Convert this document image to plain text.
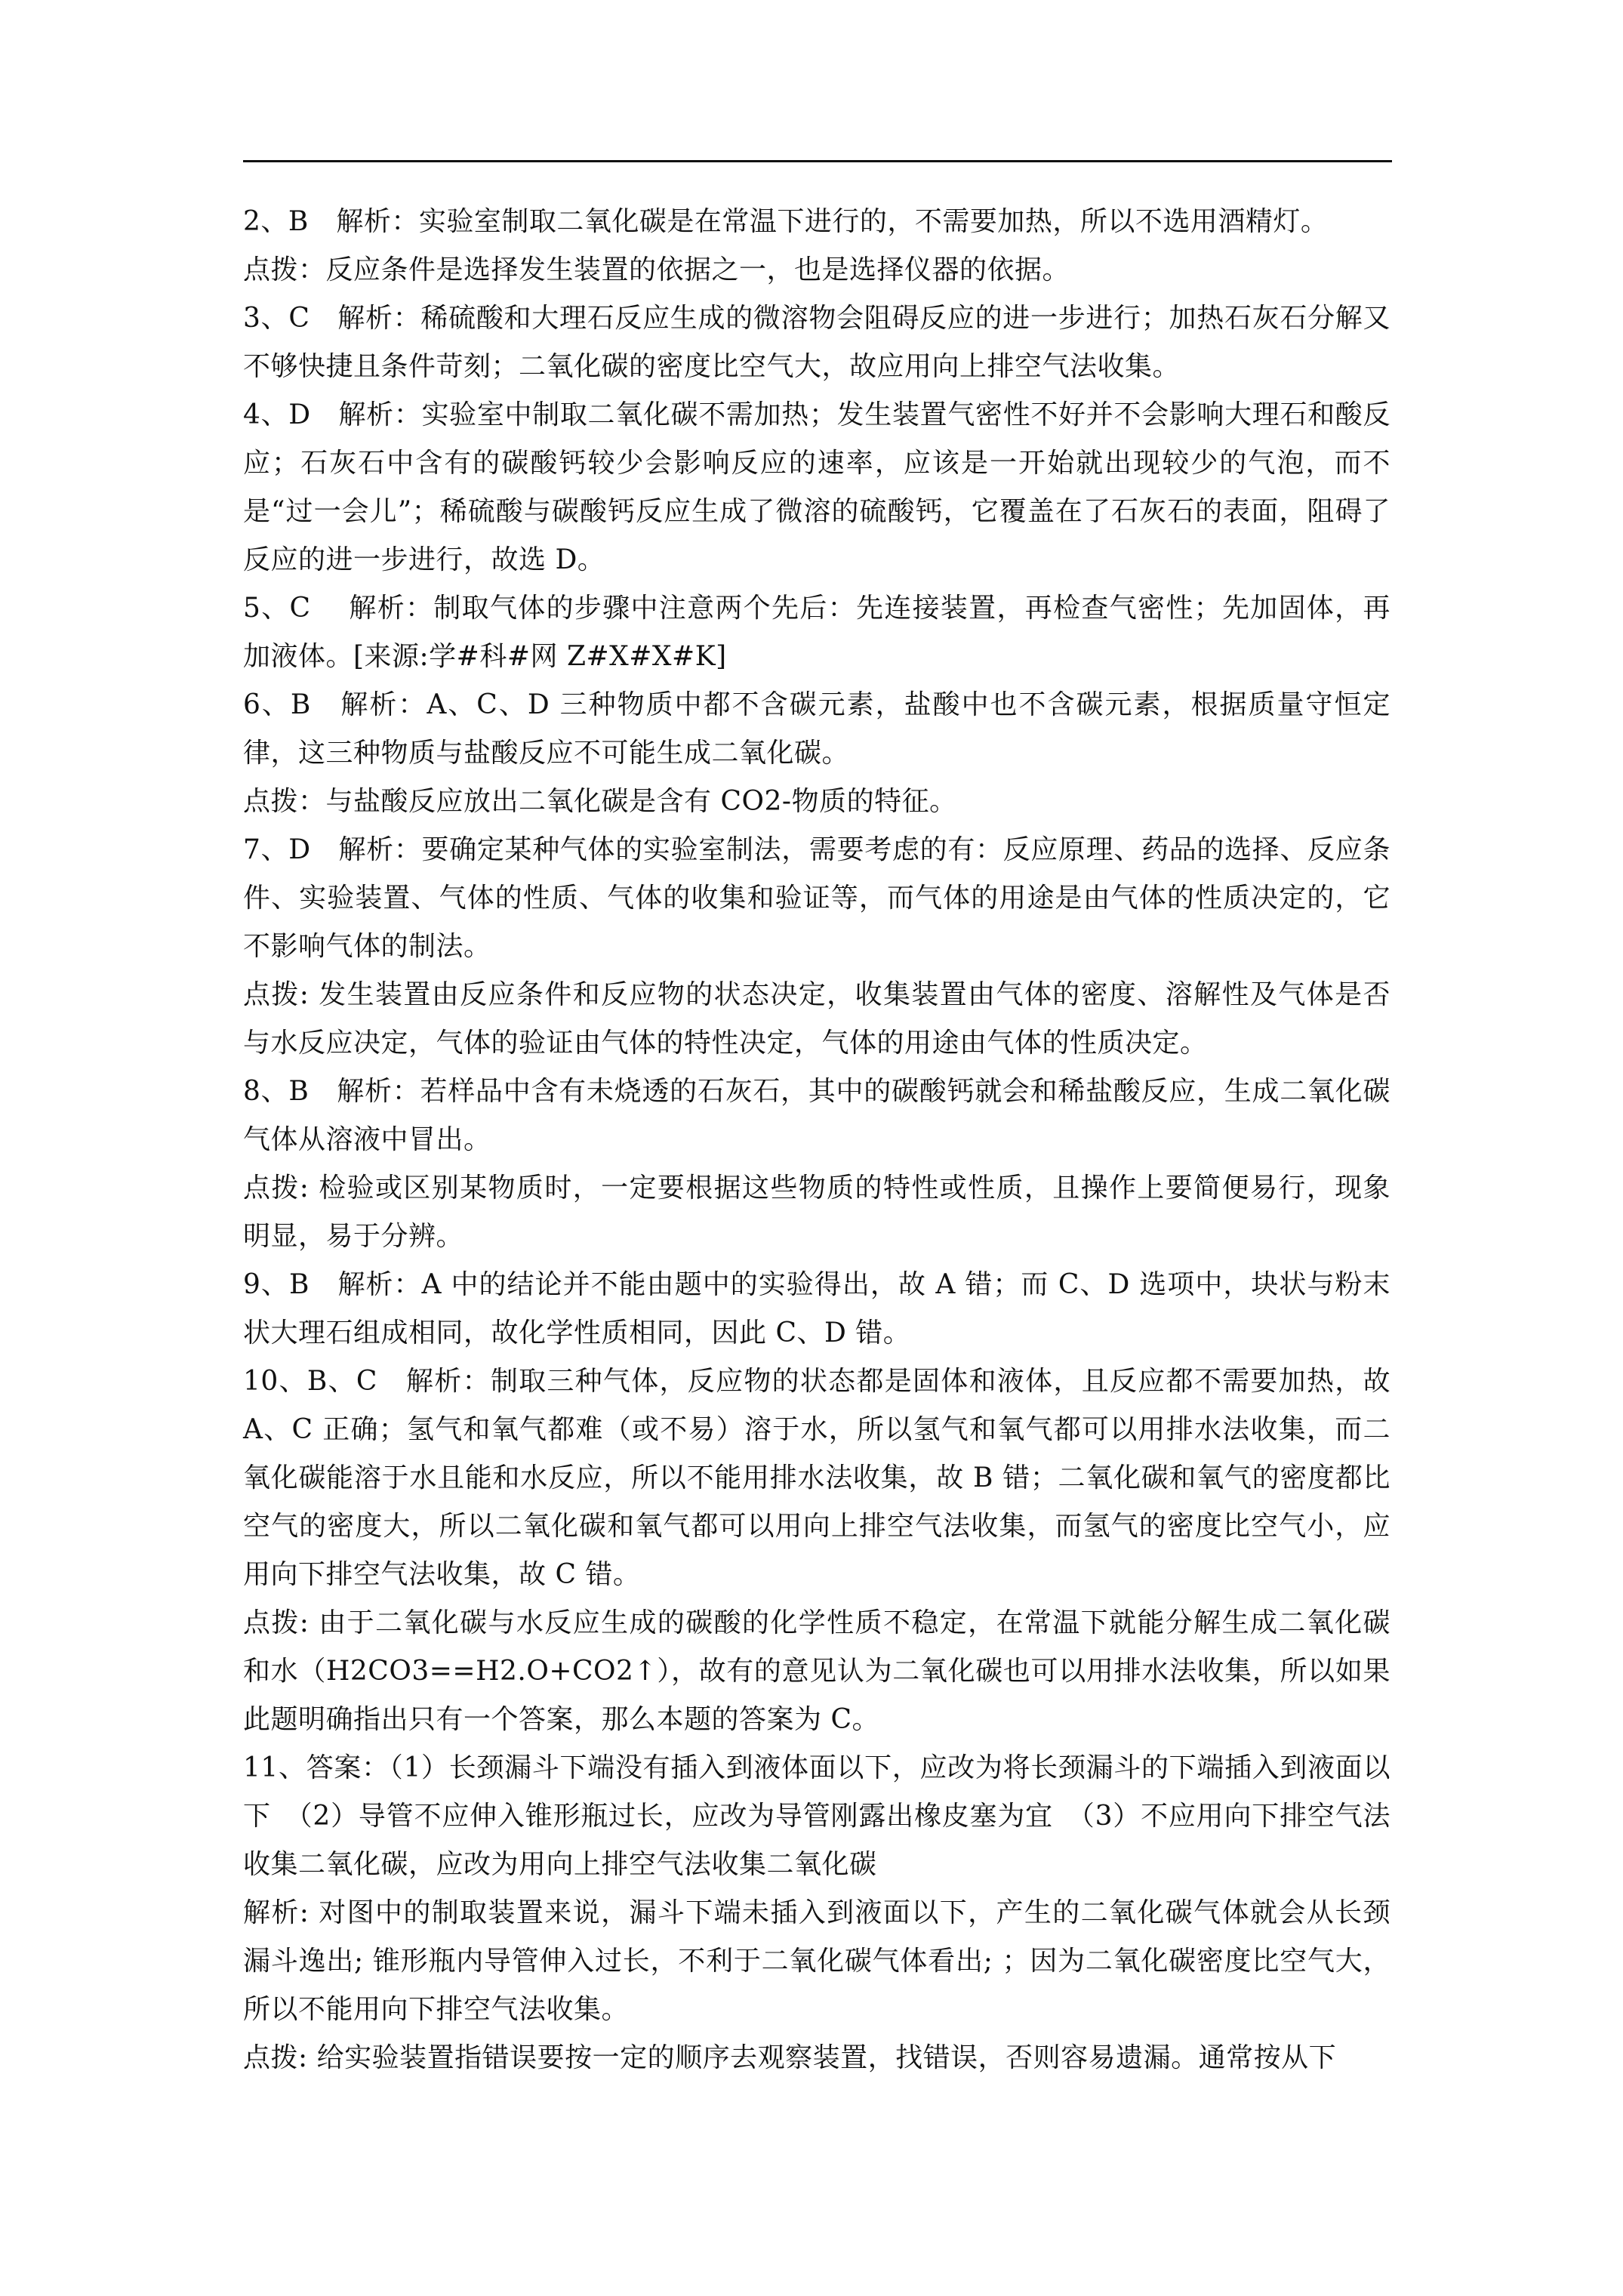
2、B　解析：实验室制取二氧化碳是在常温下进行的，不需要加热，所以不选用酒精灯。

点拨：反应条件是选择发生装置的依据之一，也是选择仪器的依据。

3、C　解析：稀硫酸和大理石反应生成的微溶物会阻碍反应的进一步进行；加热石灰石分解又不够快捷且条件苛刻；二氧化碳的密度比空气大，故应用向上排空气法收集。

4、D　解析：实验室中制取二氧化碳不需加热；发生装置气密性不好并不会影响大理石和酸反应；石灰石中含有的碳酸钙较少会影响反应的速率，应该是一开始就出现较少的气泡，而不是“过一会儿”；稀硫酸与碳酸钙反应生成了微溶的硫酸钙，它覆盖在了石灰石的表面，阻碍了反应的进一步进行，故选 D。

5、C　 解析：制取气体的步骤中注意两个先后：先连接装置，再检查气密性；先加固体，再加液体。[来源:学#科#网 Z#X#X#K]

6、B　解析：A、C、D 三种物质中都不含碳元素，盐酸中也不含碳元素，根据质量守恒定律，这三种物质与盐酸反应不可能生成二氧化碳。

点拨：与盐酸反应放出二氧化碳是含有 CO2-物质的特征。

7、D　解析：要确定某种气体的实验室制法，需要考虑的有：反应原理、药品的选择、反应条件、实验装置、气体的性质、气体的收集和验证等，而气体的用途是由气体的性质决定的，它不影响气体的制法。

点拨: 发生装置由反应条件和反应物的状态决定，收集装置由气体的密度、溶解性及气体是否与水反应决定，气体的验证由气体的特性决定，气体的用途由气体的性质决定。

8、B　解析：若样品中含有未烧透的石灰石，其中的碳酸钙就会和稀盐酸反应，生成二氧化碳气体从溶液中冒出。

点拨: 检验或区别某物质时，一定要根据这些物质的特性或性质，且操作上要简便易行，现象明显，易于分辨。

9、B　解析：A 中的结论并不能由题中的实验得出，故 A 错；而 C、D 选项中，块状与粉末状大理石组成相同，故化学性质相同，因此 C、D 错。

10、B、C　解析：制取三种气体，反应物的状态都是固体和液体，且反应都不需要加热，故 A、C 正确；氢气和氧气都难（或不易）溶于水，所以氢气和氧气都可以用排水法收集，而二氧化碳能溶于水且能和水反应，所以不能用排水法收集，故 B 错；二氧化碳和氧气的密度都比空气的密度大，所以二氧化碳和氧气都可以用向上排空气法收集，而氢气的密度比空气小，应用向下排空气法收集，故 C 错。

点拨: 由于二氧化碳与水反应生成的碳酸的化学性质不稳定，在常温下就能分解生成二氧化碳和水（H2CO3==H2.O+CO2↑），故有的意见认为二氧化碳也可以用排水法收集，所以如果此题明确指出只有一个答案，那么本题的答案为 C。

11、答案：（1）长颈漏斗下端没有插入到液体面以下，应改为将长颈漏斗的下端插入到液面以下　（2）导管不应伸入锥形瓶过长，应改为导管刚露出橡皮塞为宜　（3）不应用向下排空气法收集二氧化碳，应改为用向上排空气法收集二氧化碳

解析: 对图中的制取装置来说，漏斗下端未插入到液面以下，产生的二氧化碳气体就会从长颈漏斗逸出; 锥形瓶内导管伸入过长，不利于二氧化碳气体看出; ；因为二氧化碳密度比空气大，所以不能用向下排空气法收集。

点拨: 给实验装置指错误要按一定的顺序去观察装置，找错误，否则容易遗漏。通常按从下
